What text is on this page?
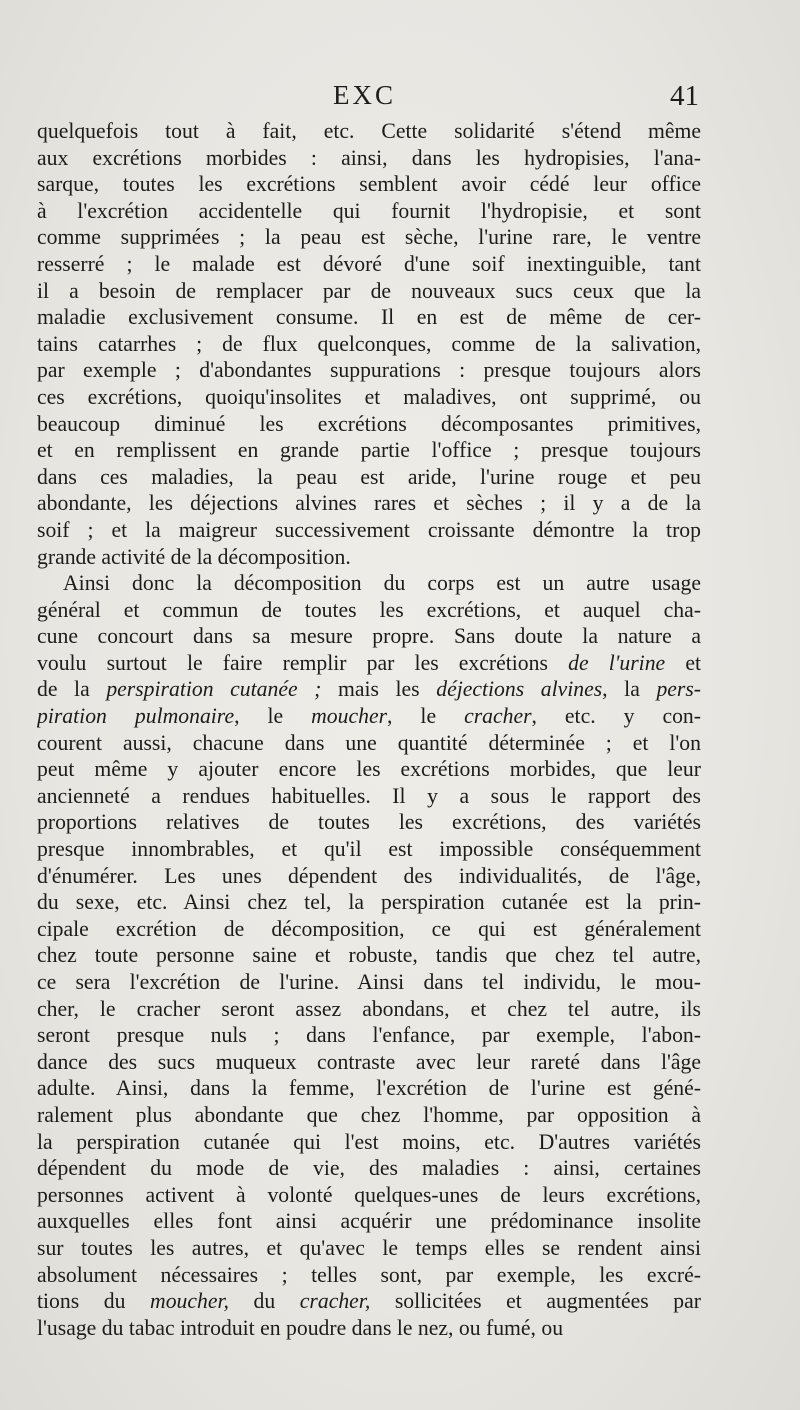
EXC	41
quelquefois tout à fait, etc. Cette solidarité s'étend même
aux excrétions morbides : ainsi, dans les hydropisies, l'ana-
sarque, toutes les excrétions semblent avoir cédé leur office
à l'excrétion accidentelle qui fournit l'hydropisie, et sont
comme supprimées ; la peau est sèche, l'urine rare, le ventre
resserré ; le malade est dévoré d'une soif inextinguible, tant
il a besoin de remplacer par de nouveaux sucs ceux que la
maladie exclusivement consume. Il en est de même de cer-
tains catarrhes ; de flux quelconques, comme de la salivation,
par exemple ; d'abondantes suppurations : presque toujours alors
ces excrétions, quoiqu'insolites et maladives, ont supprimé, ou
beaucoup diminué les excrétions décomposantes primitives,
et en remplissent en grande partie l'office ; presque toujours
dans ces maladies, la peau est aride, l'urine rouge et peu
abondante, les déjections alvines rares et sèches ; il y a de la
soif ; et la maigreur successivement croissante démontre la trop
grande activité de la décomposition.
Ainsi donc la décomposition du corps est un autre usage
général et commun de toutes les excrétions, et auquel cha-
cune concourt dans sa mesure propre. Sans doute la nature a
voulu surtout le faire remplir par les excrétions de l'urine et
de la perspiration cutanée ; mais les déjections alvines, la pers-
piration pulmonaire, le moucher, le cracher, etc. y con-
courent aussi, chacune dans une quantité déterminée ; et l'on
peut même y ajouter encore les excrétions morbides, que leur
ancienneté a rendues habituelles. Il y a sous le rapport des
proportions relatives de toutes les excrétions, des variétés
presque innombrables, et qu'il est impossible conséquemment
d'énumérer. Les unes dépendent des individualités, de l'âge,
du sexe, etc. Ainsi chez tel, la perspiration cutanée est la prin-
cipale excrétion de décomposition, ce qui est généralement
chez toute personne saine et robuste, tandis que chez tel autre,
ce sera l'excrétion de l'urine. Ainsi dans tel individu, le mou-
cher, le cracher seront assez abondans, et chez tel autre, ils
seront presque nuls ; dans l'enfance, par exemple, l'abon-
dance des sucs muqueux contraste avec leur rareté dans l'âge
adulte. Ainsi, dans la femme, l'excrétion de l'urine est géné-
ralement plus abondante que chez l'homme, par opposition à
la perspiration cutanée qui l'est moins, etc. D'autres variétés
dépendent du mode de vie, des maladies : ainsi, certaines
personnes activent à volonté quelques-unes de leurs excrétions,
auxquelles elles font ainsi acquérir une prédominance insolite
sur toutes les autres, et qu'avec le temps elles se rendent ainsi
absolument nécessaires ; telles sont, par exemple, les excré-
tions du moucher, du cracher, sollicitées et augmentées par
l'usage du tabac introduit en poudre dans le nez, ou fumé, ou
